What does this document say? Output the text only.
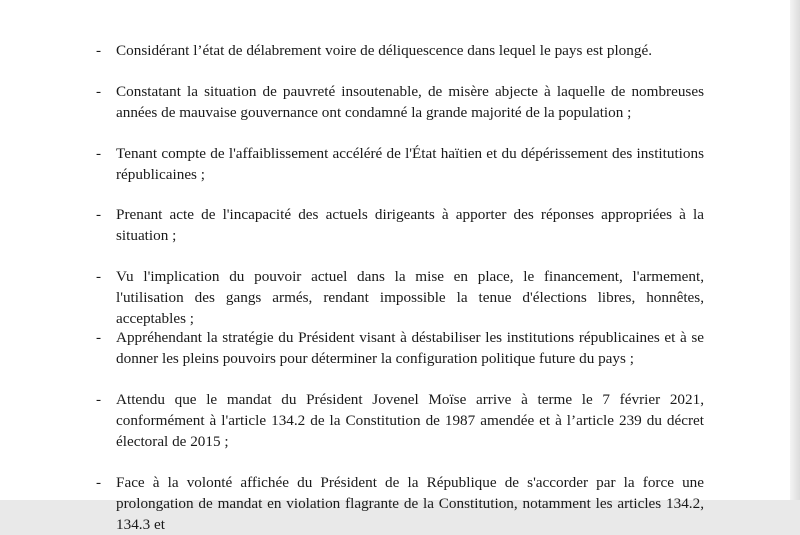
- Considérant l’état de délabrement voire de déliquescence dans lequel le pays est plongé.

- Constatant la situation de pauvreté insoutenable, de misère abjecte à laquelle de nombreuses années de mauvaise gouvernance ont condamné la grande majorité de la population ;

- Tenant compte de l'affaiblissement accéléré de l'État haïtien et du dépérissement des institutions républicaines ;

- Prenant acte de l'incapacité des actuels dirigeants à apporter des réponses appropriées à la situation ;

- Vu l'implication du pouvoir actuel dans la mise en place, le financement, l'armement, l'utilisation des gangs armés, rendant impossible la tenue d'élections libres, honnêtes, acceptables ;

- Appréhendant la stratégie du Président visant à déstabiliser les institutions républicaines et à se donner les pleins pouvoirs pour déterminer la configuration politique future du pays ;

- Attendu que le mandat du Président Jovenel Moïse arrive à terme le 7 février 2021, conformément à l'article 134.2 de la Constitution de 1987 amendée et à l’article 239 du décret électoral de 2015 ;

- Face à la volonté affichée du Président de la République de s'accorder par la force une prolongation de mandat en violation flagrante de la Constitution, notamment les articles 134.2, 134.3 et
